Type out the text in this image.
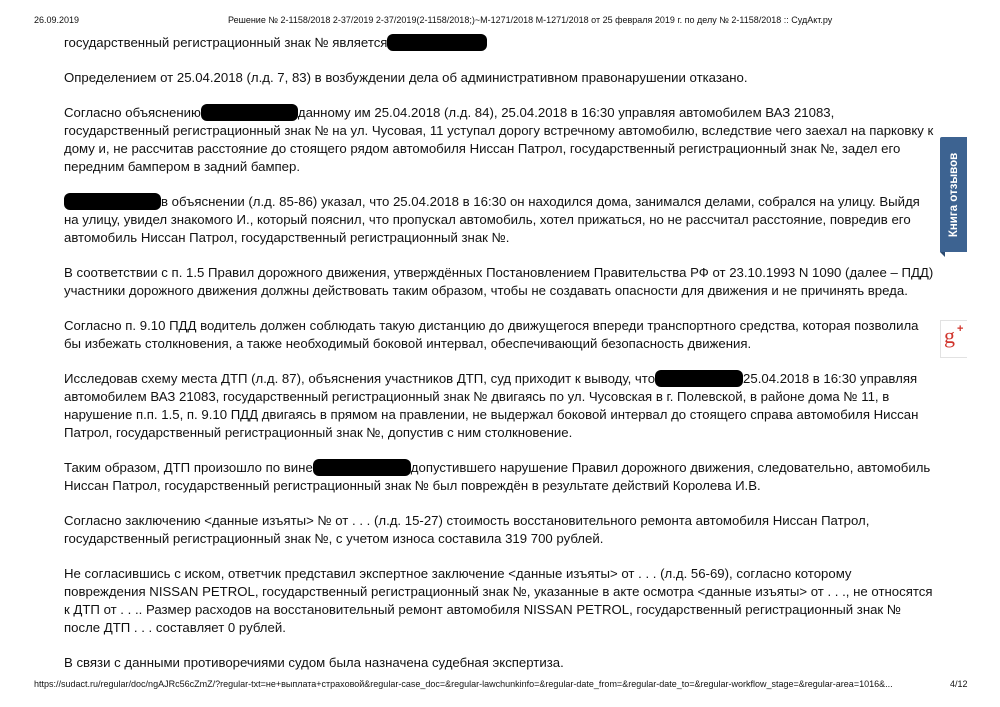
26.09.2019	Решение № 2-1158/2018 2-37/2019 2-37/2019(2-1158/2018;)~М-1271/2018 М-1271/2018 от 25 февраля 2019 г. по делу № 2-1158/2018 :: СудАкт.ру

государственный регистрационный знак № является

Определением от 25.04.2018 (л.д. 7, 83) в возбуждении дела об административном правонарушении отказано.

Согласно объяснению	данному им 25.04.2018 (л.д. 84), 25.04.2018 в 16:30 управляя автомобилем ВАЗ 21083, государственный регистрационный знак № на ул. Чусовая, 11 уступал дорогу встречному автомобилю, вследствие чего заехал на парковку к дому и, не рассчитав расстояние до стоящего рядом автомобиля Ниссан Патрол, государственный регистрационный знак №, задел его передним бампером в задний бампер.

в объяснении (л.д. 85-86) указал, что 25.04.2018 в 16:30 он находился дома, занимался делами, собрался на улицу. Выйдя на улицу, увидел знакомого И., который пояснил, что пропускал автомобиль, хотел прижаться, но не рассчитал расстояние, повредив его автомобиль Ниссан Патрол, государственный регистрационный знак №.

В соответствии с п. 1.5 Правил дорожного движения, утверждённых Постановлением Правительства РФ от 23.10.1993 N 1090 (далее – ПДД) участники дорожного движения должны действовать таким образом, чтобы не создавать опасности для движения и не причинять вреда.

Согласно п. 9.10 ПДД водитель должен соблюдать такую дистанцию до движущегося впереди транспортного средства, которая позволила бы избежать столкновения, а также необходимый боковой интервал, обеспечивающий безопасность движения.

Исследовав схему места ДТП (л.д. 87), объяснения участников ДТП, суд приходит к выводу, что	25.04.2018 в 16:30 управляя автомобилем ВАЗ 21083, государственный регистрационный знак № двигаясь по ул. Чусовская в г. Полевской, в районе дома № 11, в нарушение п.п. 1.5, п. 9.10 ПДД двигаясь в прямом на правлении, не выдержал боковой интервал до стоящего справа автомобиля Ниссан Патрол, государственный регистрационный знак №, допустив с ним столкновение.

Таким образом, ДТП произошло по вине	допустившего нарушение Правил дорожного движения, следовательно, автомобиль Ниссан Патрол, государственный регистрационный знак № был повреждён в результате действий Королева И.В.

Согласно заключению <данные изъяты> № от . . . (л.д. 15-27) стоимость восстановительного ремонта автомобиля Ниссан Патрол, государственный регистрационный знак №, с учетом износа составила 319 700 рублей.

Не согласившись с иском, ответчик представил экспертное заключение <данные изъяты> от . . . (л.д. 56-69), согласно которому повреждения NISSAN PETROL, государственный регистрационный знак №, указанные в акте осмотра <данные изъяты> от . . ., не относятся к ДТП от . . .. Размер расходов на восстановительный ремонт автомобиля NISSAN PETROL, государственный регистрационный знак № после ДТП . . . составляет 0 рублей.

В связи с данными противоречиями судом была назначена судебная экспертиза.

Книга отзывов
g +
https://sudact.ru/regular/doc/ngAJRc56cZmZ/?regular-txt=не+выплата+страховой&regular-case_doc=&regular-lawchunkinfo=&regular-date_from=&regular-date_to=&regular-workflow_stage=&regular-area=1016&...	4/12
